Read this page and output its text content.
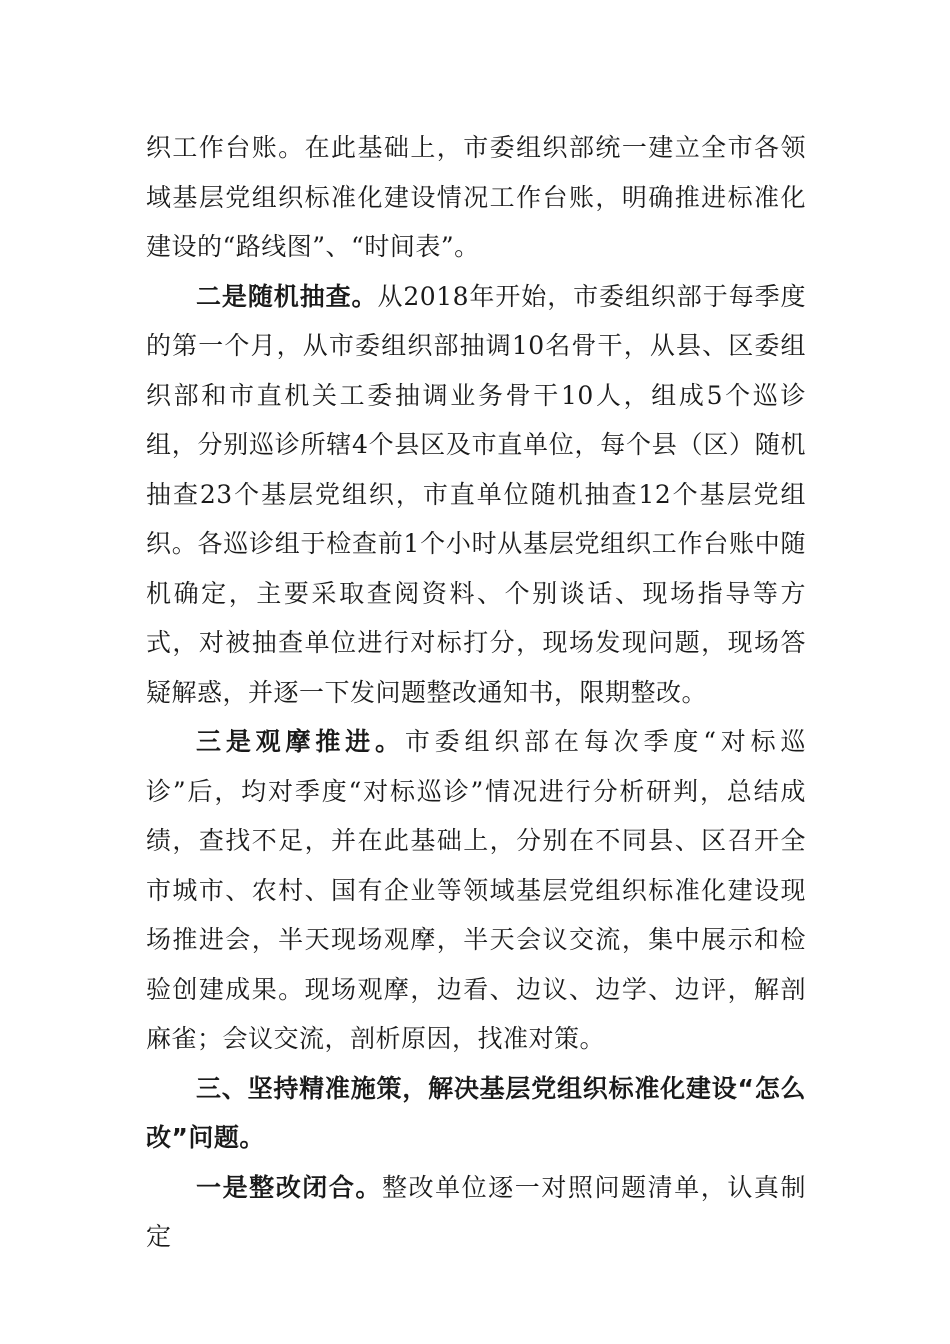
织工作台账。在此基础上，市委组织部统一建立全市各领域基层党组织标准化建设情况工作台账，明确推进标准化建设的“路线图”、“时间表”。

二是随机抽查。从2018年开始，市委组织部于每季度的第一个月，从市委组织部抽调10名骨干，从县、区委组织部和市直机关工委抽调业务骨干10人，组成5个巡诊组，分别巡诊所辖4个县区及市直单位，每个县（区）随机抽查23个基层党组织，市直单位随机抽查12个基层党组织。各巡诊组于检查前1个小时从基层党组织工作台账中随机确定，主要采取查阅资料、个别谈话、现场指导等方式，对被抽查单位进行对标打分，现场发现问题，现场答疑解惑，并逐一下发问题整改通知书，限期整改。

三是观摩推进。市委组织部在每次季度“对标巡诊”后，均对季度“对标巡诊”情况进行分析研判，总结成绩，查找不足，并在此基础上，分别在不同县、区召开全市城市、农村、国有企业等领域基层党组织标准化建设现场推进会，半天现场观摩，半天会议交流，集中展示和检验创建成果。现场观摩，边看、边议、边学、边评，解剖麻雀；会议交流，剖析原因，找准对策。

三、坚持精准施策，解决基层党组织标准化建设“怎么改”问题。

一是整改闭合。整改单位逐一对照问题清单，认真制定
